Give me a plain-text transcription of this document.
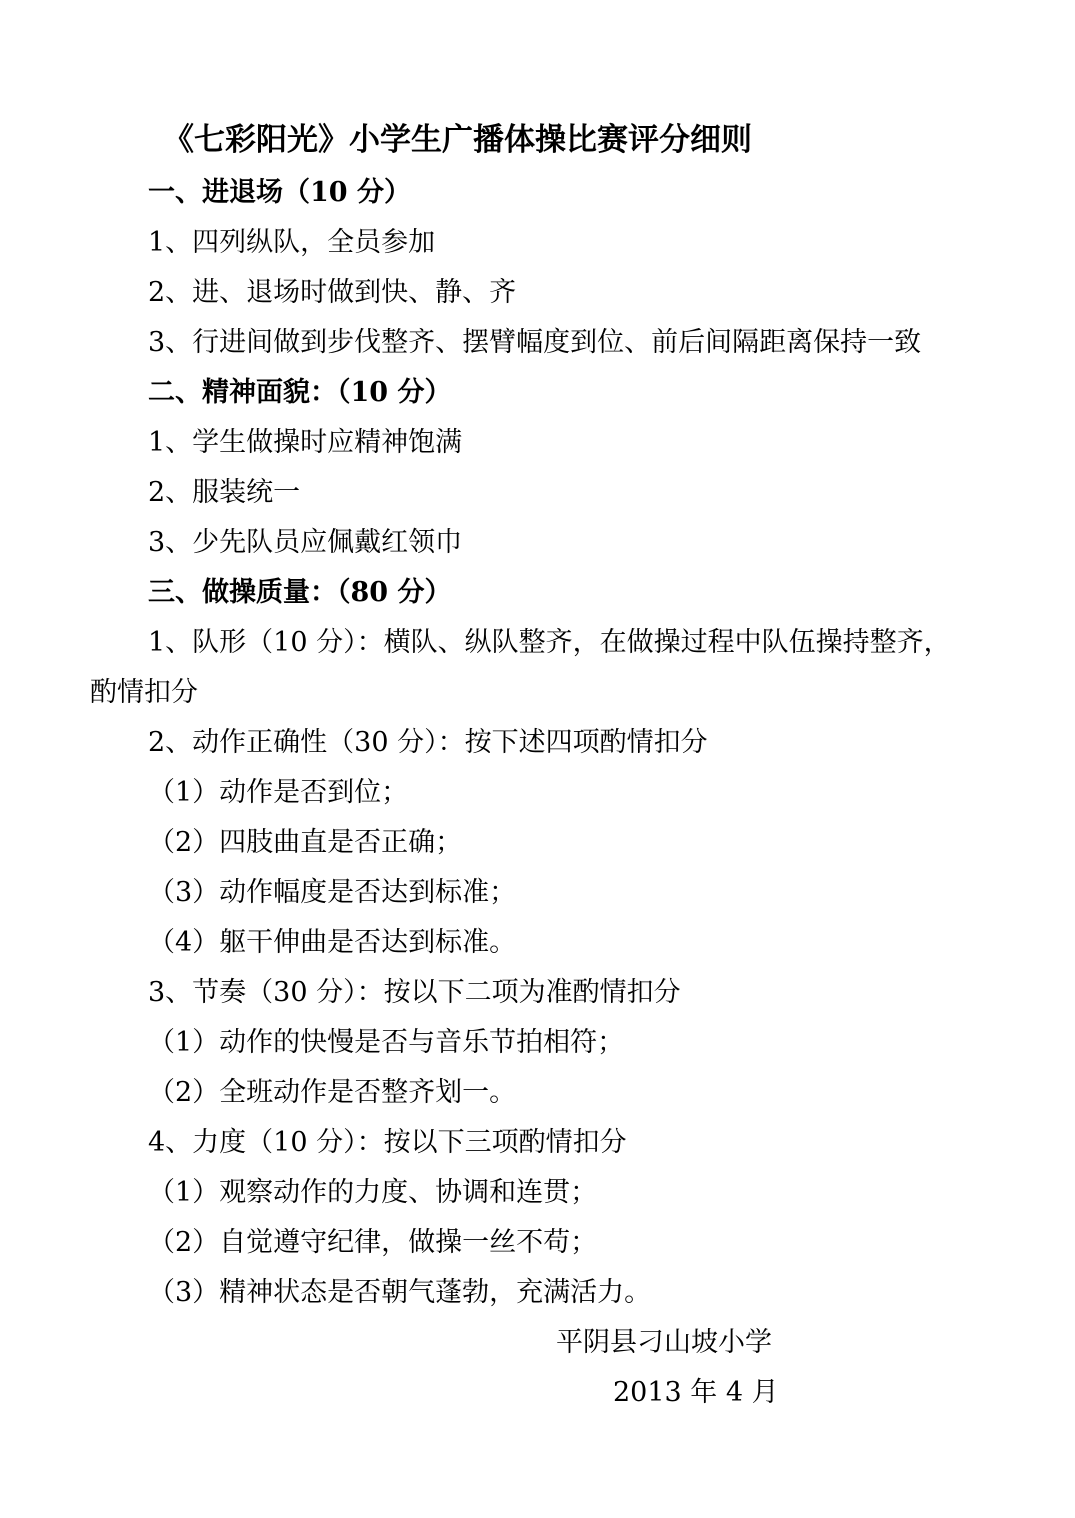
《七彩阳光》小学生广播体操比赛评分细则
一、进退场（10 分）
1、四列纵队，全员参加
2、进、退场时做到快、静、齐
3、行进间做到步伐整齐、摆臂幅度到位、前后间隔距离保持一致
二、精神面貌：（10 分）
1、学生做操时应精神饱满
2、服装统一
3、少先队员应佩戴红领巾
三、做操质量：（80 分）
1、队形（10 分）：横队、纵队整齐，在做操过程中队伍操持整齐，
酌情扣分
2、动作正确性（30 分）：按下述四项酌情扣分
（1）动作是否到位；
（2）四肢曲直是否正确；
（3）动作幅度是否达到标准；
（4）躯干伸曲是否达到标准。
3、节奏（30 分）：按以下二项为准酌情扣分
（1）动作的快慢是否与音乐节拍相符；
（2）全班动作是否整齐划一。
4、力度（10 分）：按以下三项酌情扣分
（1）观察动作的力度、协调和连贯；
（2）自觉遵守纪律，做操一丝不苟；
（3）精神状态是否朝气蓬勃，充满活力。
平阴县刁山坡小学
2013 年 4 月
